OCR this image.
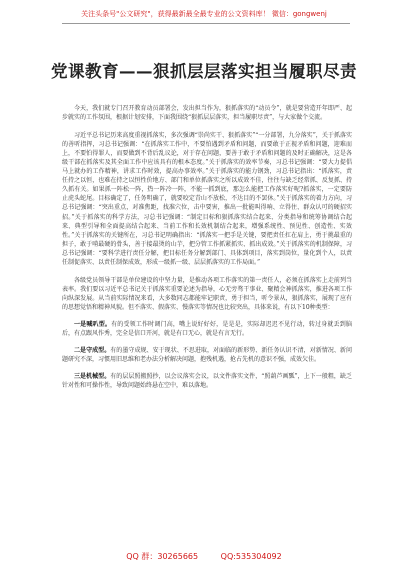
关注头条号"公文研究"，获得最新最全最专业的公文资料库！ 微信：gongwenj
党课教育——狠抓层层落实担当履职尽责

今天，我们就专门召开教育动员部署会，发出担当作为，狠抓落实的“动员令”，就是要营造开年即严、起步就实的工作氛围，根据计划安排，下面我围绕“狠抓层层落实，担当履职尽责”，与大家做个交流。

习近平总书记历来高度重视抓落实，多次强调“崇尚实干、狠抓落实”“一分部署，九分落实”，关于抓落实的善听指挥，习总书记强调：“在抓落实工作中，不要怕遇到矛盾和问题，而要敢于正视矛盾和问题，迎难而上，不要怕得罪人，而要做到不背后乱议论，对于存在问题，要善于敢于矛盾和问题的及时正确解决，这是各级干部在抓落实及其全面工作中应该具有的根本态度。”关于抓落实的效率节奏，习总书记强调：“要大力提倡马上就办的工作精神，讲求工作时效，提高办事效率。”关于抓落实的能力钢劲，习总书记指出：“抓落实，责任持之以恒，也难在持之以恒性价地方、部门和单位抓落实之所以成效不佳，往往与缺乏经常抓、反复抓、持久抓有关。如果抓一阵松一阵，热一阵冷一阵，不能一抓到底，那怎么能把工作落实好呢?抓落实，一定要防止虎头蛇尾。目标确定了，任务明确了，就要咬定青山不放松，不达目的不罢休。”关于抓落实的着力方向，习总书记强调：“突出重点，对准焦距，找准穴位，击中要害，推出一批能叫得响、立得住、群众认可的硬招实招。”关于抓落实的科学方法，习总书记强调：“制定目标和狠抓落实结合起来、分类指导和统筹协调结合起来、典型引导和全面提高结合起来、当前工作和长效机制结合起来，增强系统性、预见性、创造性、实效性。”关于抓落实的关键所在，习总书记明确指出：“抓落实一把手是关键，要把责任扛在肩上，勇于挑最重的担子，敢于啃最硬的骨头，善于接最烫的山芋，把分管工作抓紧抓实、抓出成效。”关于抓落实的机制保障，习总书记强调：“要科学进行责任分解，把目标任务分解到部门、具体到项目，落实到岗位，量化到个人，以责任制促落实、以责任制保成效，形成一级抓一级、层层抓落实的工作局面。”

各级党员领导干部是单位建设的中坚力量，是推动各项工作落实的第一责任人，必须在抓落实上走前列当表率。我们要以习近平总书记关于抓落实重要论述为指导，心无旁骛干事业、聚精会神抓落实，推进各项工作向纵深发展。从当前实际情况来看，大多数同志都能牢记职责，勇于担当，听令景从，狠抓落实，展现了应有的思想觉悟和精神风貌。但不落实、假落实、慢落实等情况也比较突出，具体来说，有以下10种类型：

一是喊叭型。有的受领工作时调门高，嘴上说好好好，是是是，实际却迟迟不见行动，转过身就丢到脑后，有点跟风作秀，完全是信口开河，就是有口无心，就是有言无行。

二是守成型。有的墨守成规、安于现状、不思进取，对面临的新形势、新任务认识不清，对新情况、新问题研究不深，习惯用旧思维和老办法分析解决问题，抱残机遇，抢占先机的意识不强，成效欠佳。

三是机械型。有的层层照搬照抄，以会议落实会议，以文件落实文件，“照葫芦画瓢”，上下一般粗，缺乏针对性和可操作性，导致问题始终悬在空中，难以落地。

QQ 群：30265665	QQ:535304092
